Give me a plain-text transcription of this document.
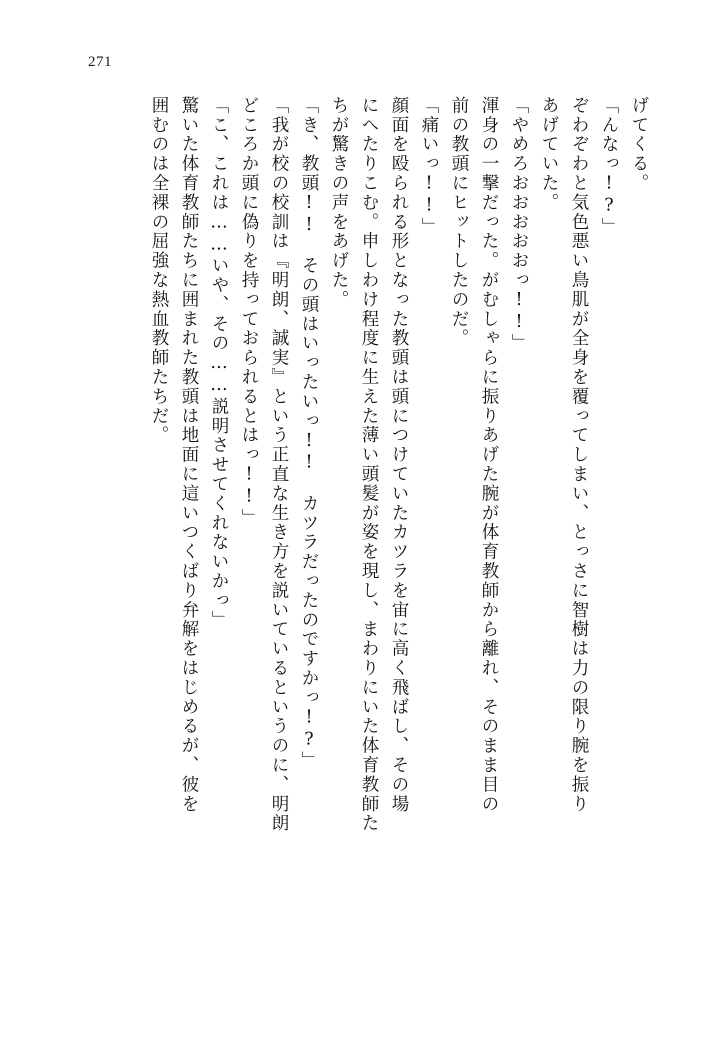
271
げてくる。
「んなっ!?」
ぞわぞわと気色悪い鳥肌が全身を覆ってしまい、とっさに智樹は力の限り腕を振り
あげていた。
「やめろおおおおおっ!!」
渾身の一撃だった。がむしゃらに振りあげた腕が体育教師から離れ、そのまま目の
前の教頭にヒットしたのだ。
「痛いっ!!」
顔面を殴られる形となった教頭は頭につけていたカツラを宙に高く飛ばし、その場
にへたりこむ。申しわけ程度に生えた薄い頭髪が姿を現し、まわりにいた体育教師た
ちが驚きの声をあげた。
「き、教頭!!　その頭はいったいっ!!　カツラだったのですかっ!?」
「我が校の校訓は『明朗、誠実』という正直な生き方を説いているというのに、明朗
どころか頭に偽りを持っておられるとはっ!!」
「こ、これは……いや、その……説明させてくれないかっ」
驚いた体育教師たちに囲まれた教頭は地面に這いつくばり弁解をはじめるが、彼を
囲むのは全裸の屈強な熱血教師たちだ。
